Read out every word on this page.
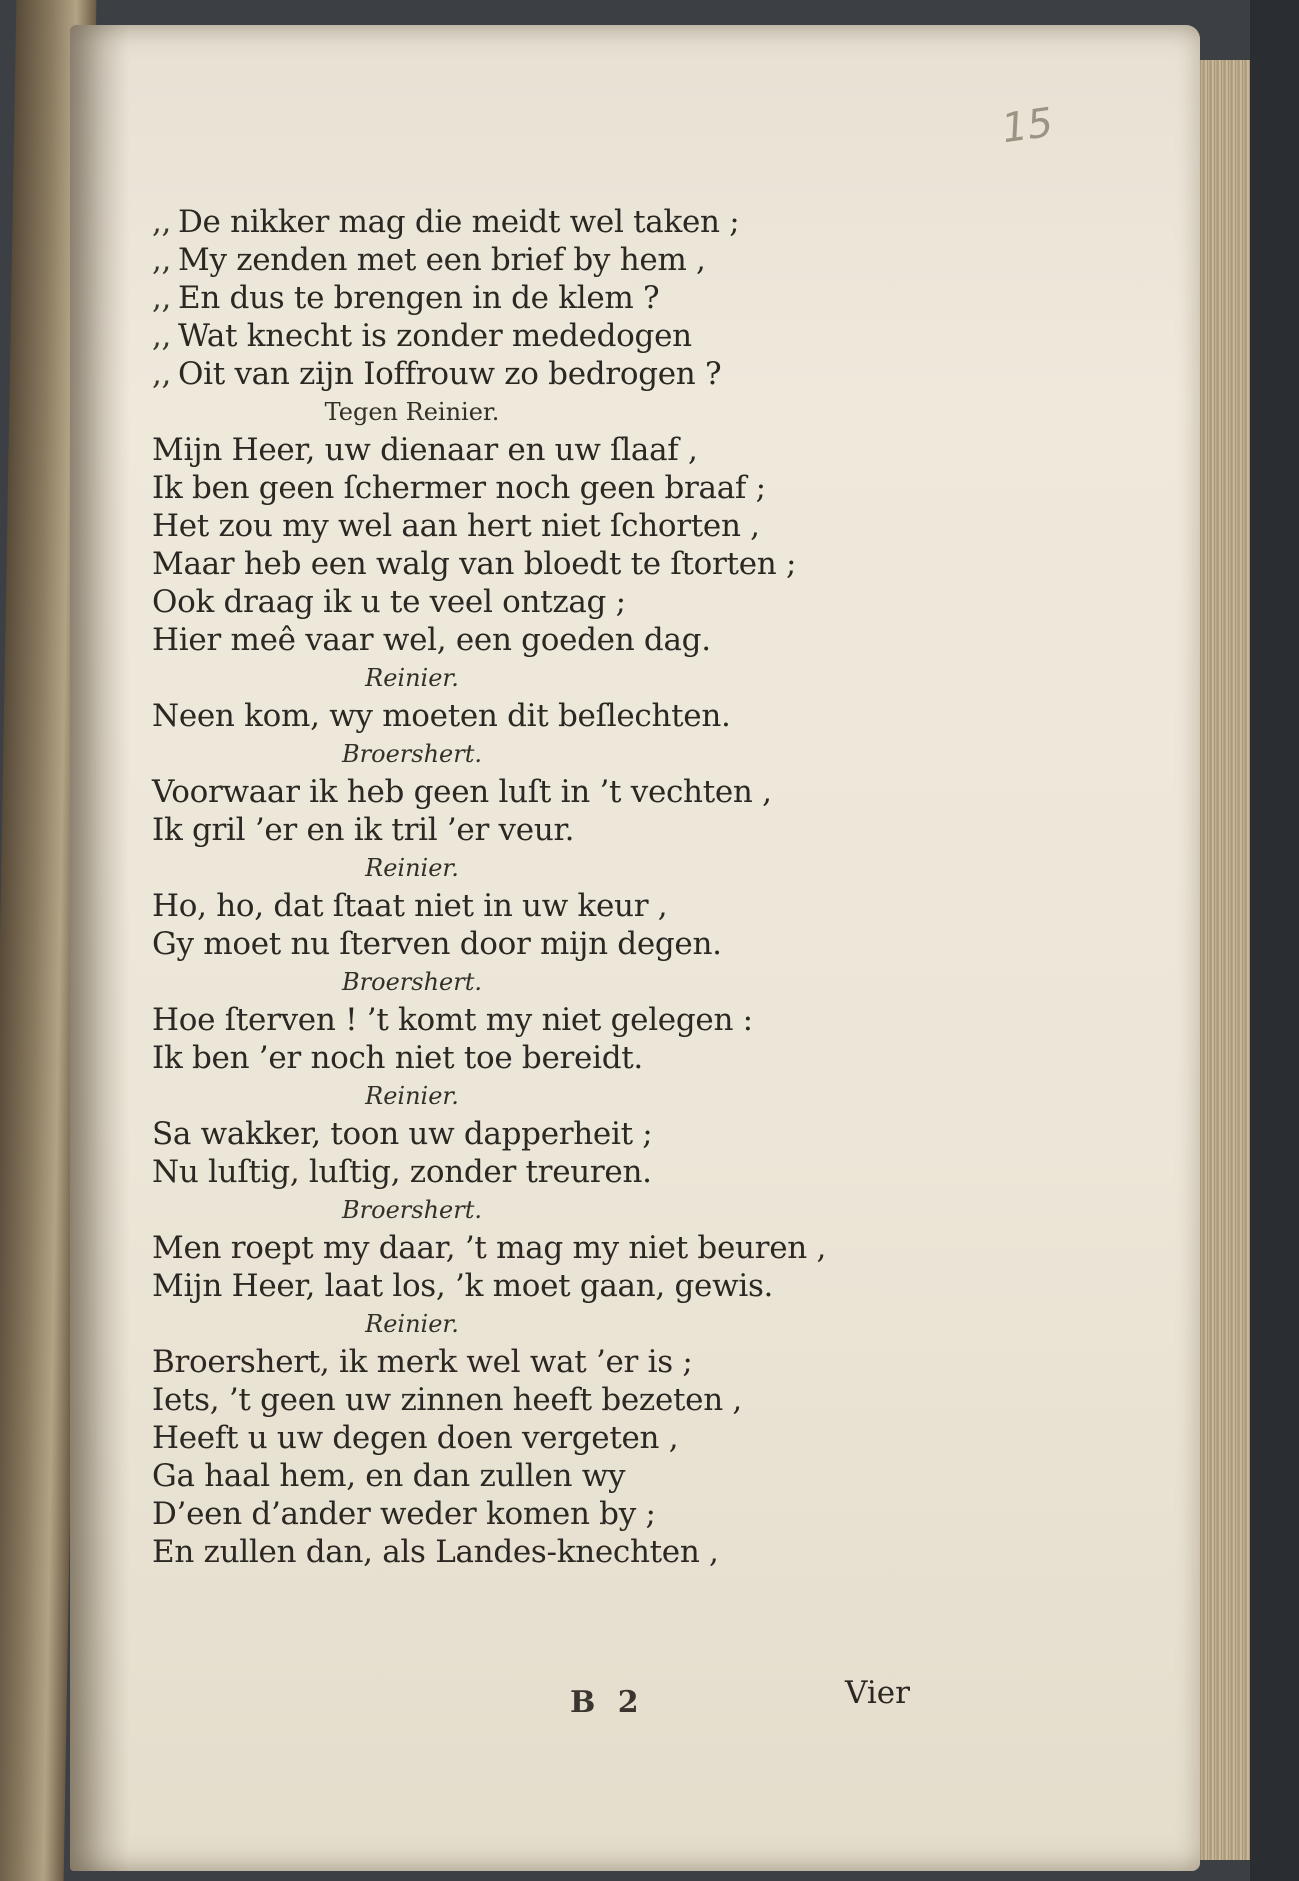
15
,, De nikker mag die meidt wel taken ;
,, My zenden met een brief by hem ,
,, En dus te brengen in de klem ?
,, Wat knecht is zonder mededogen
,, Oit van zijn Ioffrouw zo bedrogen ?
Tegen Reinier.
Mijn Heer, uw dienaar en uw ſlaaf ,
Ik ben geen ſchermer noch geen braaf ;
Het zou my wel aan hert niet ſchorten ,
Maar heb een walg van bloedt te ſtorten ;
Ook draag ik u te veel ontzag ;
Hier meê vaar wel, een goeden dag.
Reinier.
Neen kom, wy moeten dit beſlechten.
Broershert.
Voorwaar ik heb geen luſt in ’t vechten ,
Ik gril ’er en ik tril ’er veur.
Reinier.
Ho, ho, dat ſtaat niet in uw keur ,
Gy moet nu ſterven door mijn degen.
Broershert.
Hoe ſterven ! ’t komt my niet gelegen :
Ik ben ’er noch niet toe bereidt.
Reinier.
Sa wakker, toon uw dapperheit ;
Nu luſtig, luſtig, zonder treuren.
Broershert.
Men roept my daar, ’t mag my niet beuren ,
Mijn Heer, laat los, ’k moet gaan, gewis.
Reinier.
Broershert, ik merk wel wat ’er is ;
Iets, ’t geen uw zinnen heeft bezeten ,
Heeft u uw degen doen vergeten ,
Ga haal hem, en dan zullen wy
D’een d’ander weder komen by ;
En zullen dan, als Landes-knechten ,
B 2	Vier
